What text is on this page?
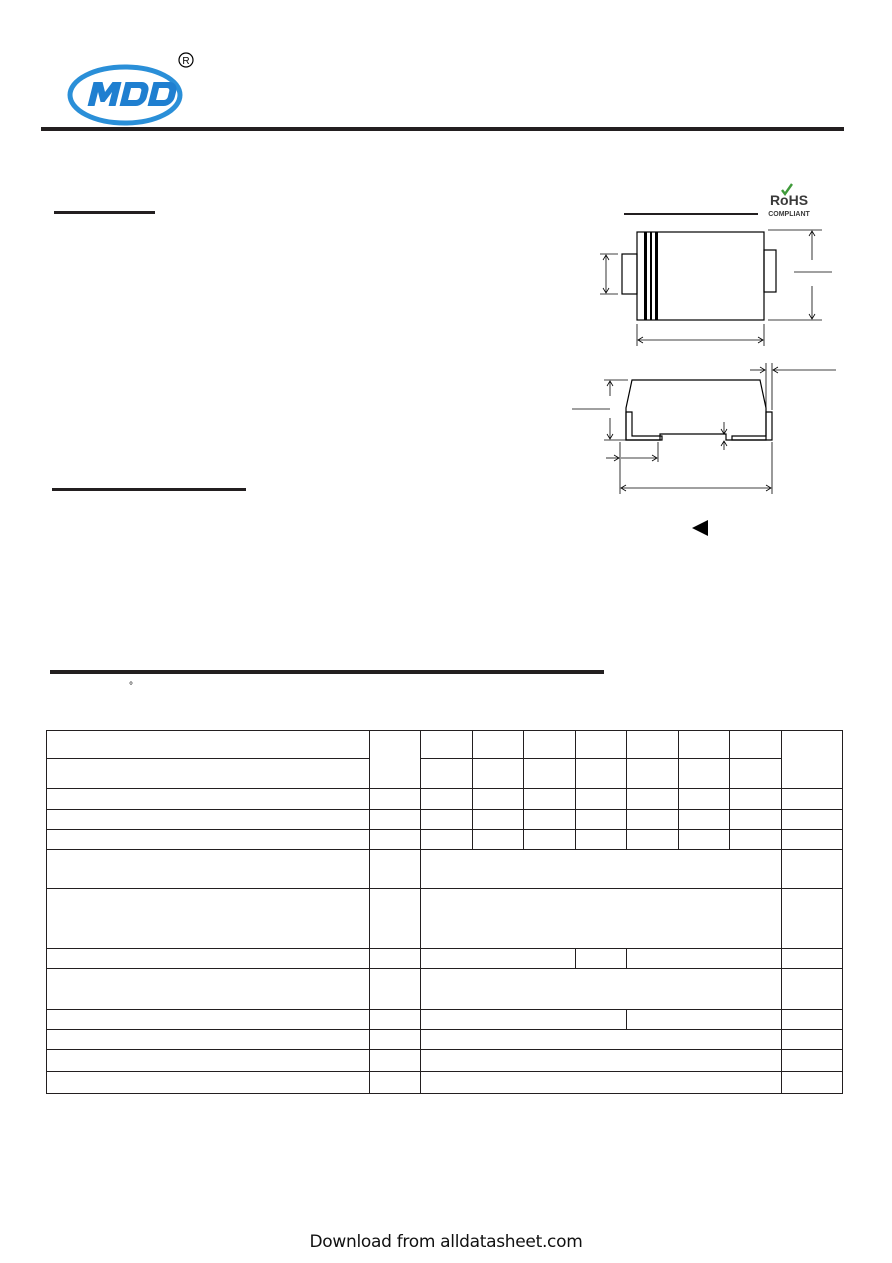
R
RoHS
COMPLIANT
°

Download from alldatasheet.com
